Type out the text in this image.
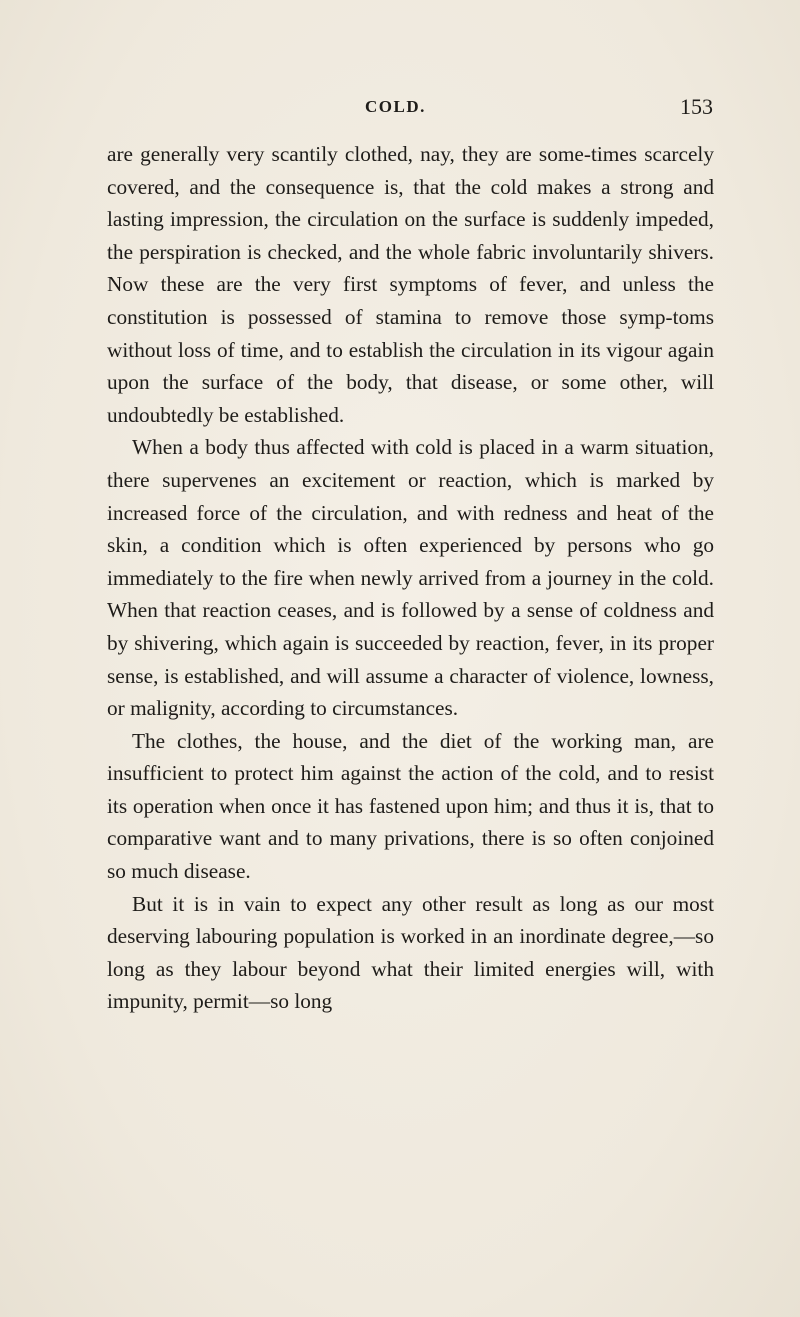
COLD.	153

are generally very scantily clothed, nay, they are some-times scarcely covered, and the consequence is, that the cold makes a strong and lasting impression, the circulation on the surface is suddenly impeded, the perspiration is checked, and the whole fabric involuntarily shivers. Now these are the very first symptoms of fever, and unless the constitution is possessed of stamina to remove those symp-toms without loss of time, and to establish the circulation in its vigour again upon the surface of the body, that disease, or some other, will undoubtedly be established.

When a body thus affected with cold is placed in a warm situation, there supervenes an excitement or reaction, which is marked by increased force of the circulation, and with redness and heat of the skin, a condition which is often experienced by persons who go immediately to the fire when newly arrived from a journey in the cold. When that reaction ceases, and is followed by a sense of coldness and by shivering, which again is succeeded by reaction, fever, in its proper sense, is established, and will assume a character of violence, lowness, or malignity, according to circumstances.

The clothes, the house, and the diet of the working man, are insufficient to protect him against the action of the cold, and to resist its operation when once it has fastened upon him; and thus it is, that to comparative want and to many privations, there is so often conjoined so much disease.

But it is in vain to expect any other result as long as our most deserving labouring population is worked in an inordinate degree,—so long as they labour beyond what their limited energies will, with impunity, permit—so long
